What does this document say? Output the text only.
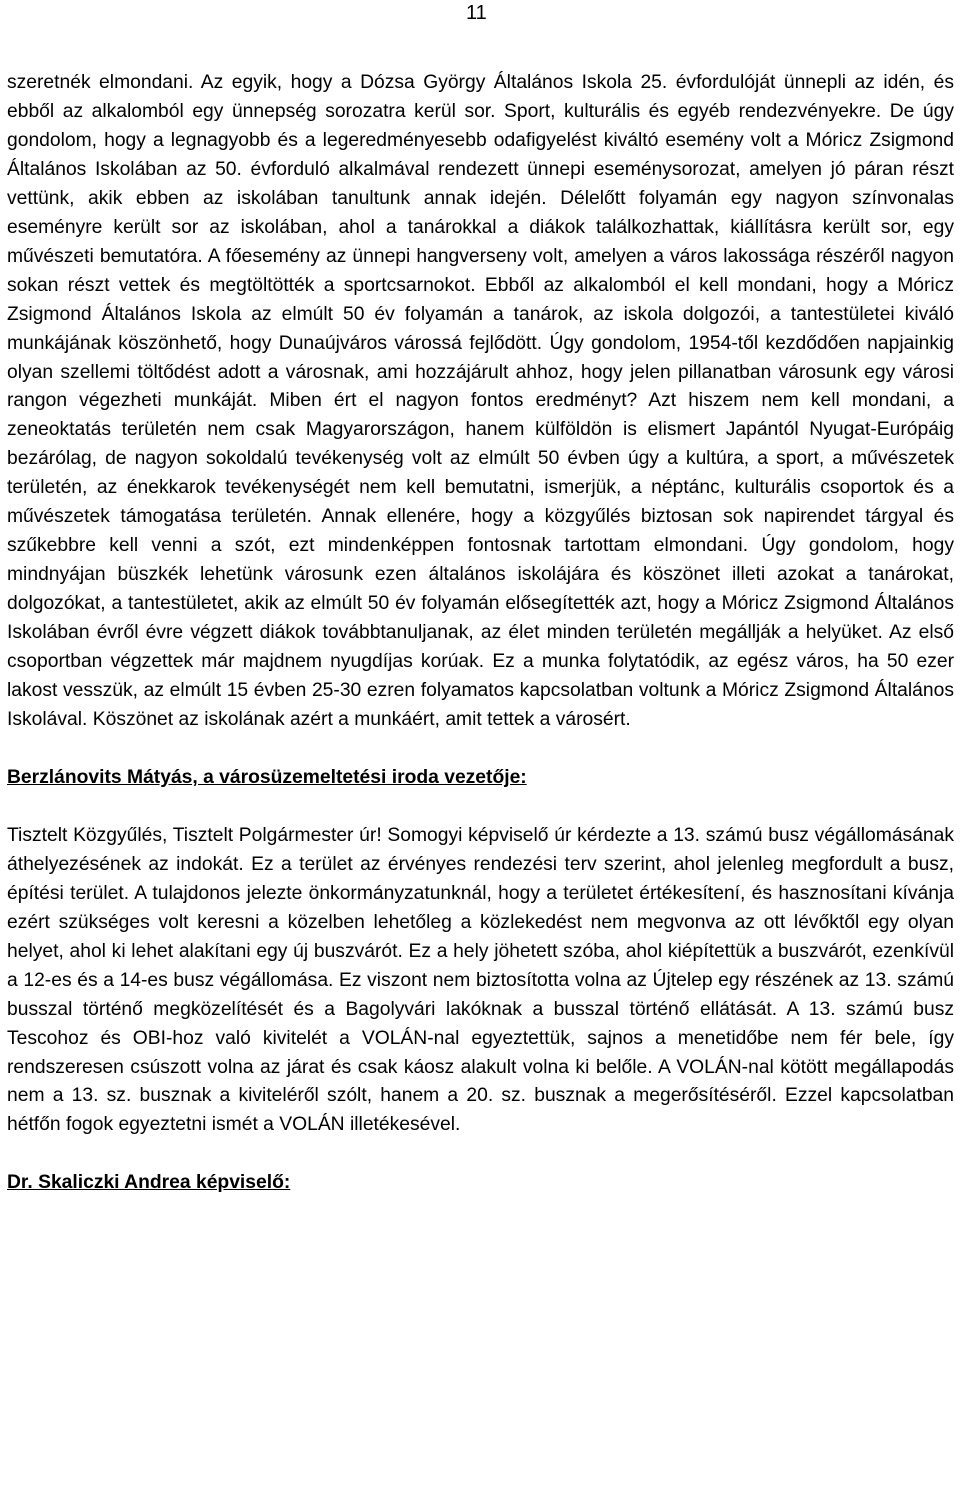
11

szeretnék elmondani. Az egyik, hogy a Dózsa György Általános Iskola 25. évfordulóját ünnepli az idén, és ebből az alkalomból egy ünnepség sorozatra kerül sor. Sport, kulturális és egyéb rendezvényekre. De úgy gondolom, hogy a legnagyobb és a legeredményesebb odafigyelést kiváltó esemény volt a Móricz Zsigmond Általános Iskolában az 50. évforduló alkalmával rendezett ünnepi eseménysorozat, amelyen jó páran részt vettünk, akik ebben az iskolában tanultunk annak idején. Délelőtt folyamán egy nagyon színvonalas eseményre került sor az iskolában, ahol a tanárokkal a diákok találkozhattak, kiállításra került sor, egy művészeti bemutatóra. A főesemény az ünnepi hangverseny volt, amelyen a város lakossága részéről nagyon sokan részt vettek és megtöltötték a sportcsarnokot. Ebből az alkalomból el kell mondani, hogy a Móricz Zsigmond Általános Iskola az elmúlt 50 év folyamán a tanárok, az iskola dolgozói, a tantestületei kiváló munkájának köszönhető, hogy Dunaújváros várossá fejlődött. Úgy gondolom, 1954-től kezdődően napjainkig olyan szellemi töltődést adott a városnak, ami hozzájárult ahhoz, hogy jelen pillanatban városunk egy városi rangon végezheti munkáját. Miben ért el nagyon fontos eredményt? Azt hiszem nem kell mondani, a zeneoktatás területén nem csak Magyarországon, hanem külföldön is elismert Japántól Nyugat-Európáig bezárólag, de nagyon sokoldalú tevékenység volt az elmúlt 50 évben úgy a kultúra, a sport, a művészetek területén, az énekkarok tevékenységét nem kell bemutatni, ismerjük, a néptánc, kulturális csoportok és a művészetek támogatása területén. Annak ellenére, hogy a közgyűlés biztosan sok napirendet tárgyal és szűkebbre kell venni a szót, ezt mindenképpen fontosnak tartottam elmondani. Úgy gondolom, hogy mindnyájan büszkék lehetünk városunk ezen általános iskolájára és köszönet illeti azokat a tanárokat, dolgozókat, a tantestületet, akik az elmúlt 50 év folyamán elősegítették azt, hogy a Móricz Zsigmond Általános Iskolában évről évre végzett diákok továbbtanuljanak, az élet minden területén megállják a helyüket. Az első csoportban végzettek már majdnem nyugdíjas korúak. Ez a munka folytatódik, az egész város, ha 50 ezer lakost vesszük, az elmúlt 15 évben 25-30 ezren folyamatos kapcsolatban voltunk a Móricz Zsigmond Általános Iskolával. Köszönet az iskolának azért a munkáért, amit tettek a városért.

Berzlánovits Mátyás, a városüzemeltetési iroda vezetője:

Tisztelt Közgyűlés, Tisztelt Polgármester úr! Somogyi képviselő úr kérdezte a 13. számú busz végállomásának áthelyezésének az indokát. Ez a terület az érvényes rendezési terv szerint, ahol jelenleg megfordult a busz, építési terület. A tulajdonos jelezte önkormányzatunknál, hogy a területet értékesítení, és hasznosítani kívánja ezért szükséges volt keresni a közelben lehetőleg a közlekedést nem megvonva az ott lévőktől egy olyan helyet, ahol ki lehet alakítani egy új buszvárót. Ez a hely jöhetett szóba, ahol kiépítettük a buszvárót, ezenkívül a 12-es és a 14-es busz végállomása. Ez viszont nem biztosította volna az Újtelep egy részének az 13. számú busszal történő megközelítését és a Bagolyvári lakóknak a busszal történő ellátását. A 13. számú busz Tescohoz és OBI-hoz való kivitelét a VOLÁN-nal egyeztettük, sajnos a menetidőbe nem fér bele, így rendszeresen csúszott volna az járat és csak káosz alakult volna ki belőle. A VOLÁN-nal kötött megállapodás nem a 13. sz. busznak a kiviteléről szólt, hanem a 20. sz. busznak a megerősítéséről. Ezzel kapcsolatban hétfőn fogok egyeztetni ismét a VOLÁN illetékesével.

Dr. Skaliczki Andrea képviselő:
